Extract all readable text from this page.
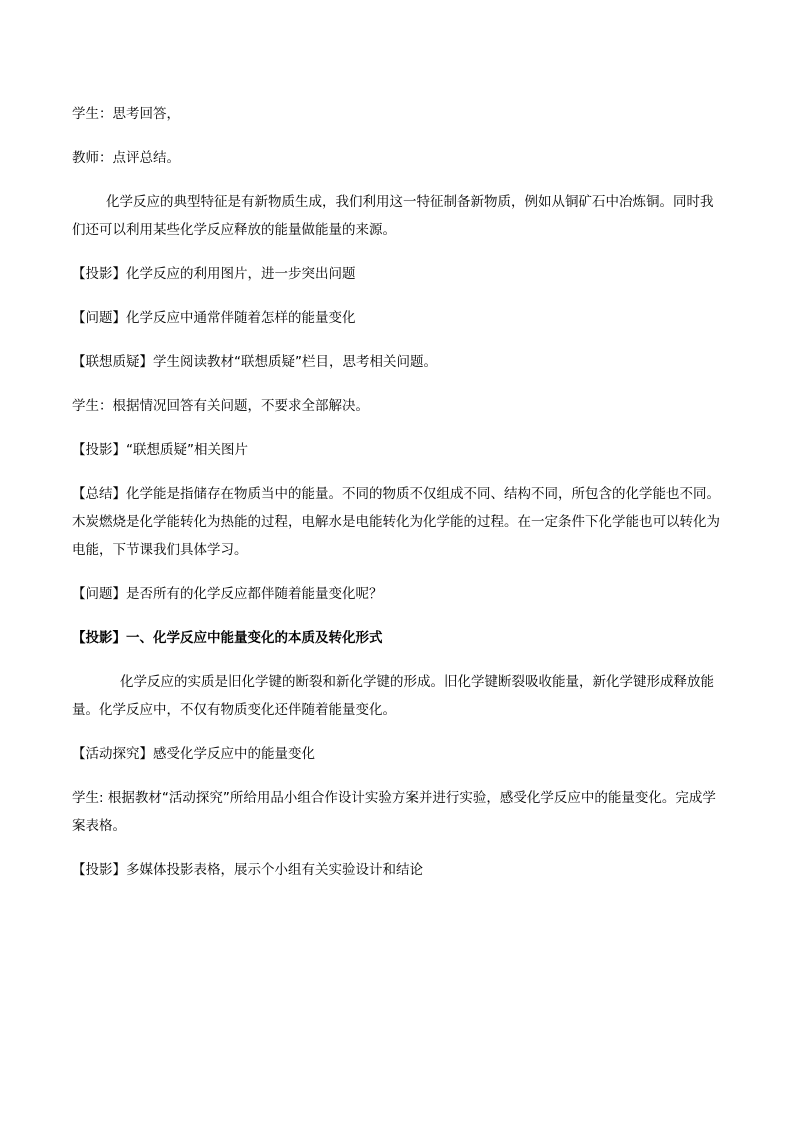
学生：思考回答，

教师：点评总结。

化学反应的典型特征是有新物质生成，我们利用这一特征制备新物质，例如从铜矿石中冶炼铜。同时我们还可以利用某些化学反应释放的能量做能量的来源。

【投影】化学反应的利用图片，进一步突出问题

【问题】化学反应中通常伴随着怎样的能量变化

【联想质疑】学生阅读教材“联想质疑”栏目，思考相关问题。

学生：根据情况回答有关问题，不要求全部解决。

【投影】“联想质疑”相关图片

【总结】化学能是指储存在物质当中的能量。不同的物质不仅组成不同、结构不同，所包含的化学能也不同。木炭燃烧是化学能转化为热能的过程，电解水是电能转化为化学能的过程。在一定条件下化学能也可以转化为电能，下节课我们具体学习。

【问题】是否所有的化学反应都伴随着能量变化呢？

【投影】一、化学反应中能量变化的本质及转化形式

化学反应的实质是旧化学键的断裂和新化学键的形成。旧化学键断裂吸收能量，新化学键形成释放能量。化学反应中，不仅有物质变化还伴随着能量变化。

【活动探究】感受化学反应中的能量变化

学生: 根据教材“活动探究”所给用品小组合作设计实验方案并进行实验，感受化学反应中的能量变化。完成学案表格。

【投影】多媒体投影表格，展示个小组有关实验设计和结论
